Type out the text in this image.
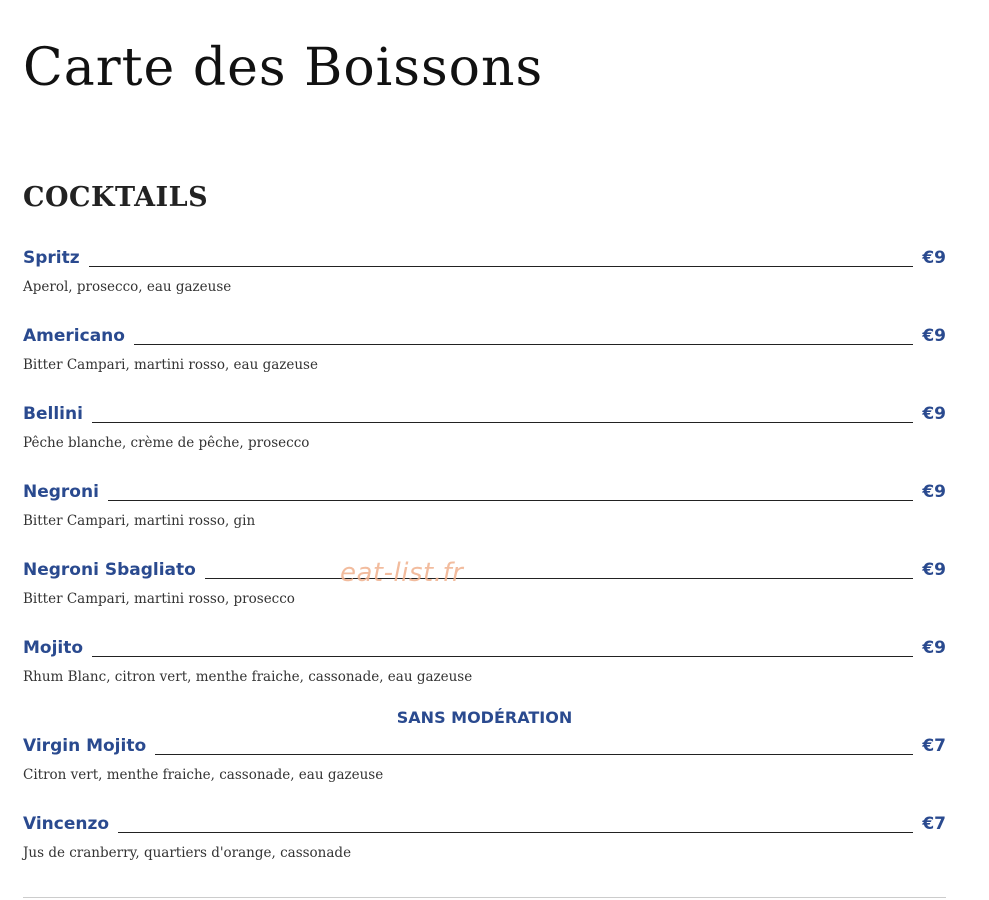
Carte des Boissons
COCKTAILS
Spritz	€9
Aperol, prosecco, eau gazeuse
Americano	€9
Bitter Campari, martini rosso, eau gazeuse
Bellini	€9
Pêche blanche, crème de pêche, prosecco
Negroni	€9
Bitter Campari, martini rosso, gin
Negroni Sbagliato	€9
Bitter Campari, martini rosso, prosecco
Mojito	€9
Rhum Blanc, citron vert, menthe fraiche, cassonade, eau gazeuse
SANS MODÉRATION
Virgin Mojito	€7
Citron vert, menthe fraiche, cassonade, eau gazeuse
Vincenzo	€7
Jus de cranberry, quartiers d'orange, cassonade
eat-list.fr
